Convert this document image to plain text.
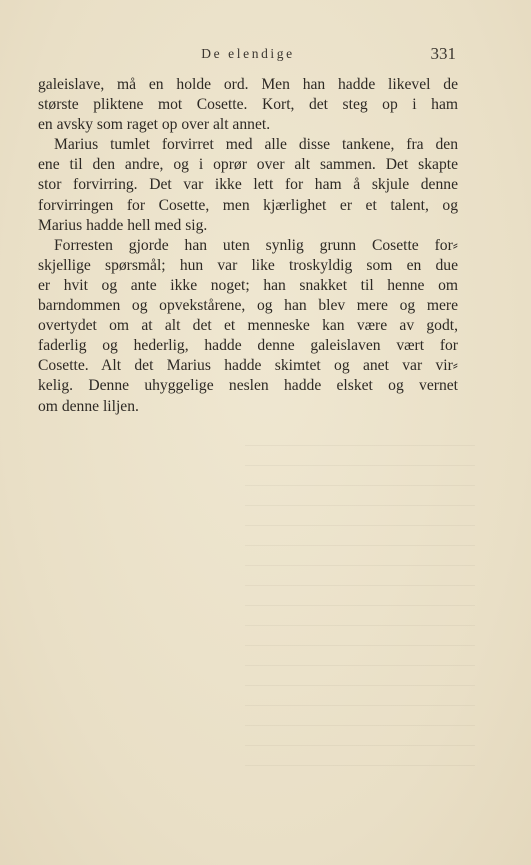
De elendige	331
galeislave, må en holde ord. Men han hadde likevel de
største pliktene mot Cosette. Kort, det steg op i ham
en avsky som raget op over alt annet.
Marius tumlet forvirret med alle disse tankene, fra den
ene til den andre, og i oprør over alt sammen. Det skapte
stor forvirring. Det var ikke lett for ham å skjule denne
forvirringen for Cosette, men kjærlighet er et talent, og
Marius hadde hell med sig.
Forresten gjorde han uten synlig grunn Cosette for⸗
skjellige spørsmål; hun var like troskyldig som en due
er hvit og ante ikke noget; han snakket til henne om
barndommen og opvekstårene, og han blev mere og mere
overtydet om at alt det et menneske kan være av godt,
faderlig og hederlig, hadde denne galeislaven vært for
Cosette. Alt det Marius hadde skimtet og anet var vir⸗
kelig. Denne uhyggelige neslen hadde elsket og vernet
om denne liljen.
